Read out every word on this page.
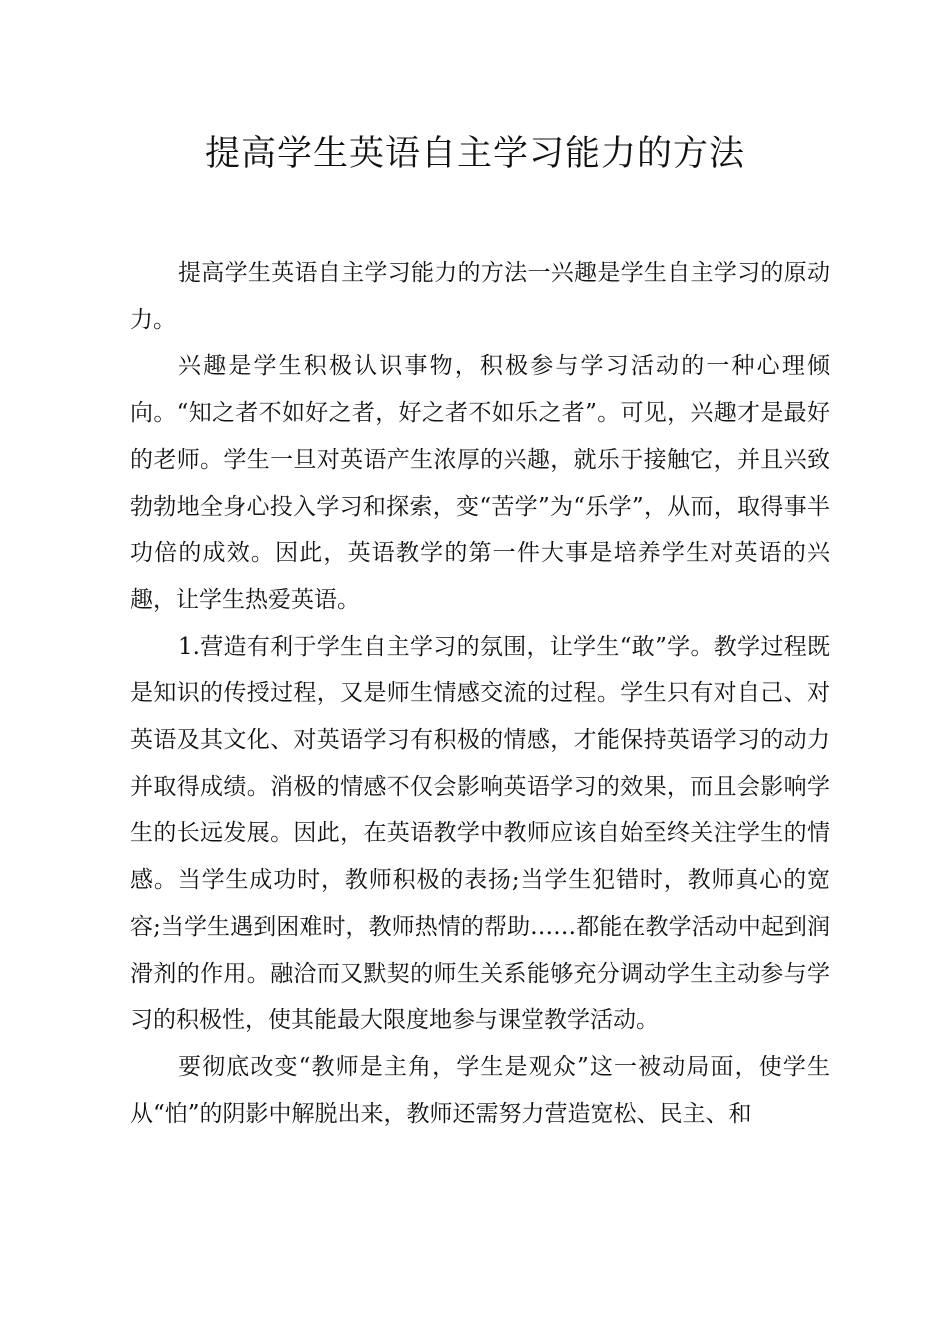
提高学生英语自主学习能力的方法

提高学生英语自主学习能力的方法一兴趣是学生自主学习的原动力。

兴趣是学生积极认识事物，积极参与学习活动的一种心理倾向。“知之者不如好之者，好之者不如乐之者”。可见，兴趣才是最好的老师。学生一旦对英语产生浓厚的兴趣，就乐于接触它，并且兴致勃勃地全身心投入学习和探索，变“苦学”为“乐学”，从而，取得事半功倍的成效。因此，英语教学的第一件大事是培养学生对英语的兴趣，让学生热爱英语。

1.营造有利于学生自主学习的氛围，让学生“敢”学。教学过程既是知识的传授过程，又是师生情感交流的过程。学生只有对自己、对英语及其文化、对英语学习有积极的情感，才能保持英语学习的动力并取得成绩。消极的情感不仅会影响英语学习的效果，而且会影响学生的长远发展。因此，在英语教学中教师应该自始至终关注学生的情感。当学生成功时，教师积极的表扬;当学生犯错时，教师真心的宽容;当学生遇到困难时，教师热情的帮助……都能在教学活动中起到润滑剂的作用。融洽而又默契的师生关系能够充分调动学生主动参与学习的积极性，使其能最大限度地参与课堂教学活动。

要彻底改变“教师是主角，学生是观众”这一被动局面，使学生从“怕”的阴影中解脱出来，教师还需努力营造宽松、民主、和
